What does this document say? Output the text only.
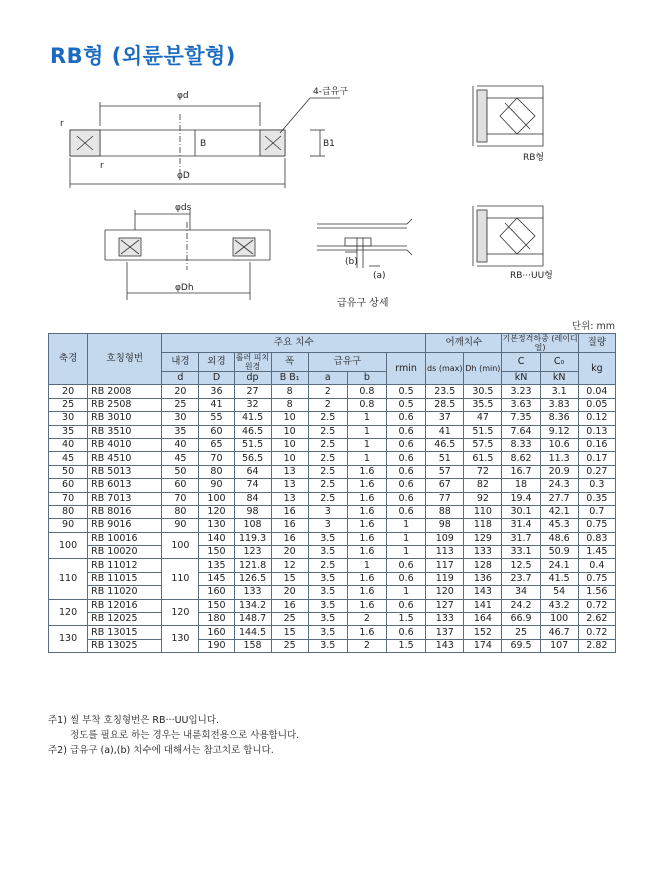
RB형 (외륜분할형)
φd
φD
B	B1
r
r
4-급유구
φds
φDh
(b)
(a)
급유구 상세
RB형
RB···UU형
단위: mm
축경	호칭형번	주요 치수							어깨치수		기본정격하중 (레이디얼)		질량
		내경	외경	롤러 피치 원경	폭	급유구		rmin	ds (max)	Dh (min)	C	C₀	kg
		d	D	dp	B B₁	a	b				kN	kN	
20	RB 2008	20	36	27	8	2	0.8	0.5	23.5	30.5	3.23	3.1	0.04
25	RB 2508	25	41	32	8	2	0.8	0.5	28.5	35.5	3.63	3.83	0.05
30	RB 3010	30	55	41.5	10	2.5	1	0.6	37	47	7.35	8.36	0.12
35	RB 3510	35	60	46.5	10	2.5	1	0.6	41	51.5	7.64	9.12	0.13
40	RB 4010	40	65	51.5	10	2.5	1	0.6	46.5	57.5	8.33	10.6	0.16
45	RB 4510	45	70	56.5	10	2.5	1	0.6	51	61.5	8.62	11.3	0.17
50	RB 5013	50	80	64	13	2.5	1.6	0.6	57	72	16.7	20.9	0.27
60	RB 6013	60	90	74	13	2.5	1.6	0.6	67	82	18	24.3	0.3
70	RB 7013	70	100	84	13	2.5	1.6	0.6	77	92	19.4	27.7	0.35
80	RB 8016	80	120	98	16	3	1.6	0.6	88	110	30.1	42.1	0.7
90	RB 9016	90	130	108	16	3	1.6	1	98	118	31.4	45.3	0.75
100	RB 10016	100	140	119.3	16	3.5	1.6	1	109	129	31.7	48.6	0.83
	RB 10020		150	123	20	3.5	1.6	1	113	133	33.1	50.9	1.45
110	RB 11012	110	135	121.8	12	2.5	1	0.6	117	128	12.5	24.1	0.4
	RB 11015		145	126.5	15	3.5	1.6	0.6	119	136	23.7	41.5	0.75
	RB 11020		160	133	20	3.5	1.6	1	120	143	34	54	1.56
120	RB 12016	120	150	134.2	16	3.5	1.6	0.6	127	141	24.2	43.2	0.72
	RB 12025		180	148.7	25	3.5	2	1.5	133	164	66.9	100	2.62
130	RB 13015	130	160	144.5	15	3.5	1.6	0.6	137	152	25	46.7	0.72
	RB 13025		190	158	25	3.5	2	1.5	143	174	69.5	107	2.82
주1) 씰 부착 호칭형번은 RB···UU입니다.
정도를 필요로 하는 경우는 내륜회전용으로 사용합니다.
주2) 급유구 (a),(b) 치수에 대해서는 참고치로 합니다.
